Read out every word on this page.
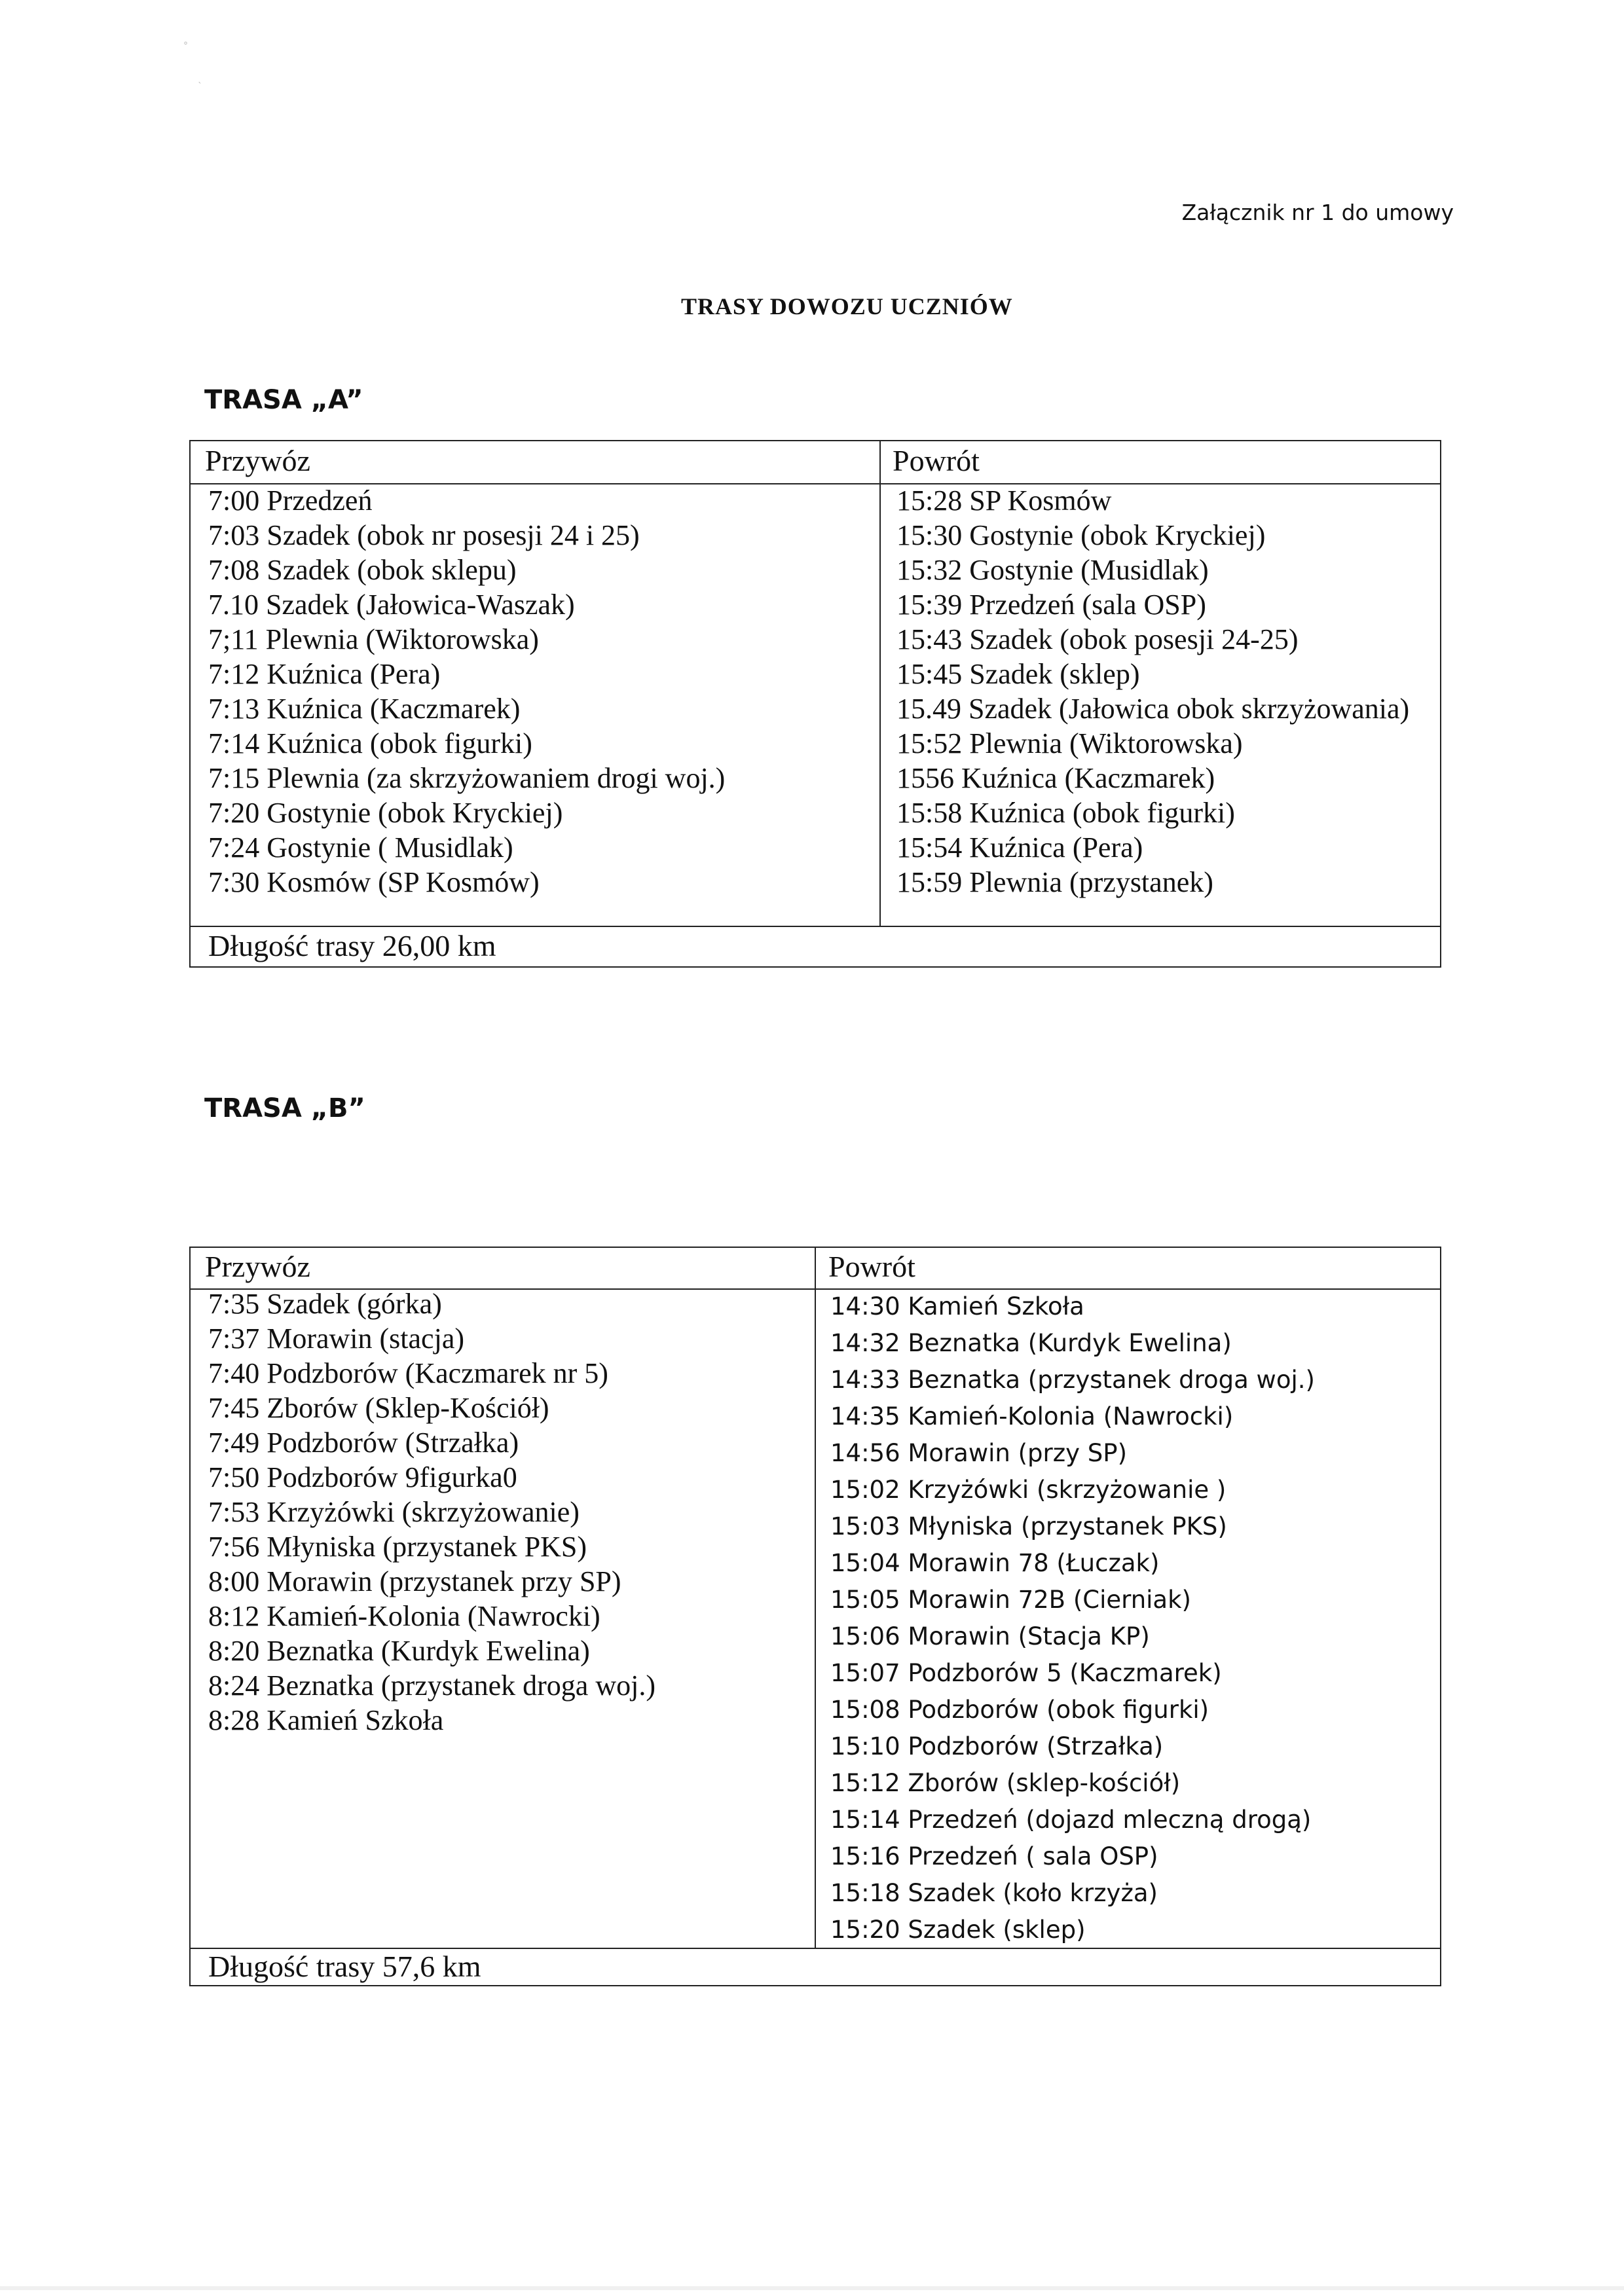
°
ˎ
Załącznik nr 1 do umowy
TRASY DOWOZU UCZNIÓW
TRASA „A”
Przywóz	Powrót
7:00 Przedzeń
7:03 Szadek (obok nr posesji 24 i 25)
7:08 Szadek (obok sklepu)
7.10 Szadek (Jałowica-Waszak)
7;11 Plewnia (Wiktorowska)
7:12 Kuźnica (Pera)
7:13 Kuźnica (Kaczmarek)
7:14 Kuźnica (obok figurki)
7:15 Plewnia (za skrzyżowaniem drogi woj.)
7:20 Gostynie (obok Kryckiej)
7:24 Gostynie ( Musidlak)
7:30 Kosmów (SP Kosmów)
15:28 SP Kosmów
15:30 Gostynie (obok Kryckiej)
15:32 Gostynie (Musidlak)
15:39 Przedzeń (sala OSP)
15:43 Szadek (obok posesji 24-25)
15:45 Szadek (sklep)
15.49 Szadek (Jałowica obok skrzyżowania)
15:52 Plewnia (Wiktorowska)
1556 Kuźnica (Kaczmarek)
15:58 Kuźnica (obok figurki)
15:54 Kuźnica (Pera)
15:59 Plewnia (przystanek)
Długość trasy 26,00 km
TRASA „B”
Przywóz	Powrót
7:35 Szadek (górka)
7:37 Morawin (stacja)
7:40 Podzborów (Kaczmarek nr 5)
7:45 Zborów (Sklep-Kościół)
7:49 Podzborów (Strzałka)
7:50 Podzborów 9figurka0
7:53 Krzyżówki (skrzyżowanie)
7:56 Młyniska (przystanek PKS)
8:00 Morawin (przystanek przy SP)
8:12 Kamień-Kolonia (Nawrocki)
8:20 Beznatka (Kurdyk Ewelina)
8:24 Beznatka (przystanek droga woj.)
8:28 Kamień Szkoła
14:30 Kamień Szkoła
14:32 Beznatka (Kurdyk Ewelina)
14:33 Beznatka (przystanek droga woj.)
14:35 Kamień-Kolonia (Nawrocki)
14:56 Morawin (przy SP)
15:02 Krzyżówki (skrzyżowanie )
15:03 Młyniska (przystanek PKS)
15:04 Morawin 78 (Łuczak)
15:05 Morawin 72B (Cierniak)
15:06 Morawin (Stacja KP)
15:07 Podzborów 5 (Kaczmarek)
15:08 Podzborów (obok figurki)
15:10 Podzborów (Strzałka)
15:12 Zborów (sklep-kościół)
15:14 Przedzeń (dojazd mleczną drogą)
15:16 Przedzeń ( sala OSP)
15:18 Szadek (koło krzyża)
15:20 Szadek (sklep)
Długość trasy 57,6 km
